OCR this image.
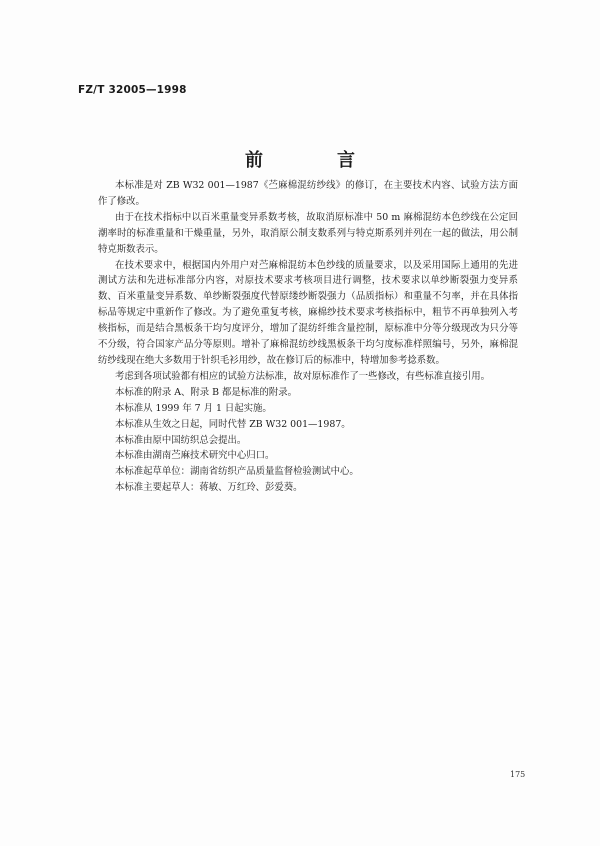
FZ/T 32005—1998
前　言

本标准是对 ZB W32 001—1987《苎麻棉混纺纱线》的修订，在主要技术内容、试验方法方面作了修改。

由于在技术指标中以百米重量变异系数考核，故取消原标准中 50 m 麻棉混纺本色纱线在公定回潮率时的标准重量和干燥重量，另外，取消原公制支数系列与特克斯系列并列在一起的做法，用公制特克斯数表示。

在技术要求中，根据国内外用户对苎麻棉混纺本色纱线的质量要求，以及采用国际上通用的先进测试方法和先进标准部分内容，对原技术要求考核项目进行调整，技术要求以单纱断裂强力变异系数、百米重量变异系数、单纱断裂强度代替原缕纱断裂强力（品质指标）和重量不匀率，并在具体指标品等规定中重新作了修改。为了避免重复考核，麻棉纱技术要求考核指标中，粗节不再单独列入考核指标，而是结合黑板条干均匀度评分，增加了混纺纤维含量控制，原标准中分等分级现改为只分等不分级，符合国家产品分等原则。增补了麻棉混纺纱线黑板条干均匀度标准样照编号，另外，麻棉混纺纱线现在绝大多数用于针织毛衫用纱，故在修订后的标准中，特增加参考捻系数。

考虑到各项试验都有相应的试验方法标准，故对原标准作了一些修改，有些标准直接引用。

本标准的附录 A、附录 B 都是标准的附录。

本标准从 1999 年 7 月 1 日起实施。

本标准从生效之日起，同时代替 ZB W32 001—1987。

本标准由原中国纺织总会提出。

本标准由湖南苎麻技术研究中心归口。

本标准起草单位：湖南省纺织产品质量监督检验测试中心。

本标准主要起草人：蒋敏、万红玲、彭爱葵。

175
